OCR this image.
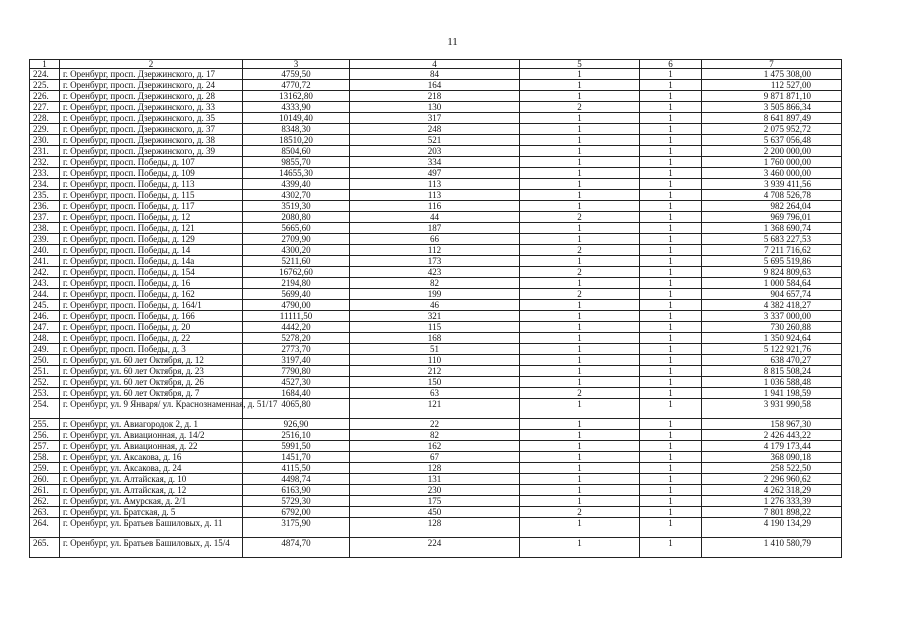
11
1	2	3	4	5	6	7
224.	г. Оренбург, просп. Дзержинского, д. 17	4759,50	84	1	1	1 475 308,00
225.	г. Оренбург, просп. Дзержинского, д. 24	4770,72	164	1	1	112 527,00
226.	г. Оренбург, просп. Дзержинского, д. 28	13162,80	218	1	1	9 871 871,10
227.	г. Оренбург, просп. Дзержинского, д. 33	4333,90	130	2	1	3 505 866,34
228.	г. Оренбург, просп. Дзержинского, д. 35	10149,40	317	1	1	8 641 897,49
229.	г. Оренбург, просп. Дзержинского, д. 37	8348,30	248	1	1	2 075 952,72
230.	г. Оренбург, просп. Дзержинского, д. 38	18510,20	521	1	1	5 637 056,48
231.	г. Оренбург, просп. Дзержинского, д. 39	8504,60	203	1	1	2 200 000,00
232.	г. Оренбург, просп. Победы, д. 107	9855,70	334	1	1	1 760 000,00
233.	г. Оренбург, просп. Победы, д. 109	14655,30	497	1	1	3 460 000,00
234.	г. Оренбург, просп. Победы, д. 113	4399,40	113	1	1	3 939 411,56
235.	г. Оренбург, просп. Победы, д. 115	4302,70	113	1	1	4 708 526,78
236.	г. Оренбург, просп. Победы, д. 117	3519,30	116	1	1	982 264,04
237.	г. Оренбург, просп. Победы, д. 12	2080,80	44	2	1	969 796,01
238.	г. Оренбург, просп. Победы, д. 121	5665,60	187	1	1	1 368 690,74
239.	г. Оренбург, просп. Победы, д. 129	2709,90	66	1	1	5 683 227,53
240.	г. Оренбург, просп. Победы, д. 14	4300,20	112	2	1	7 211 716,62
241.	г. Оренбург, просп. Победы, д. 14а	5211,60	173	1	1	5 695 519,86
242.	г. Оренбург, просп. Победы, д. 154	16762,60	423	2	1	9 824 809,63
243.	г. Оренбург, просп. Победы, д. 16	2194,80	82	1	1	1 000 584,64
244.	г. Оренбург, просп. Победы, д. 162	5699,40	199	2	1	904 657,74
245.	г. Оренбург, просп. Победы, д. 164/1	4790,00	46	1	1	4 382 418,27
246.	г. Оренбург, просп. Победы, д. 166	11111,50	321	1	1	3 337 000,00
247.	г. Оренбург, просп. Победы, д. 20	4442,20	115	1	1	730 260,88
248.	г. Оренбург, просп. Победы, д. 22	5278,20	168	1	1	1 350 924,64
249.	г. Оренбург, просп. Победы, д. 3	2773,70	51	1	1	5 122 921,76
250.	г. Оренбург, ул. 60 лет Октября, д. 12	3197,40	110	1	1	638 470,27
251.	г. Оренбург, ул. 60 лет Октября, д. 23	7790,80	212	1	1	8 815 508,24
252.	г. Оренбург, ул. 60 лет Октября, д. 26	4527,30	150	1	1	1 036 588,48
253.	г. Оренбург, ул. 60 лет Октября, д. 7	1684,40	63	2	1	1 941 198,59
254.	г. Оренбург, ул. 9 Января/ ул. Краснознаменная, д. 51/17	4065,80	121	1	1	3 931 990,58
255.	г. Оренбург, ул. Авиагородок 2, д. 1	926,90	22	1	1	158 967,30
256.	г. Оренбург, ул. Авиационная, д. 14/2	2516,10	82	1	1	2 426 443,22
257.	г. Оренбург, ул. Авиационная, д. 22	5991,50	162	1	1	4 179 173,44
258.	г. Оренбург, ул. Аксакова, д. 16	1451,70	67	1	1	368 090,18
259.	г. Оренбург, ул. Аксакова, д. 24	4115,50	128	1	1	258 522,50
260.	г. Оренбург, ул. Алтайская, д. 10	4498,74	131	1	1	2 296 960,62
261.	г. Оренбург, ул. Алтайская, д. 12	6163,90	230	1	1	4 262 318,29
262.	г. Оренбург, ул. Амурская, д. 2/1	5729,30	175	1	1	1 276 333,39
263.	г. Оренбург, ул. Братская, д. 5	6792,00	450	2	1	7 801 898,22
264.	г. Оренбург, ул. Братьев Башиловых, д. 11	3175,90	128	1	1	4 190 134,29
265.	г. Оренбург, ул. Братьев Башиловых, д. 15/4	4874,70	224	1	1	1 410 580,79
